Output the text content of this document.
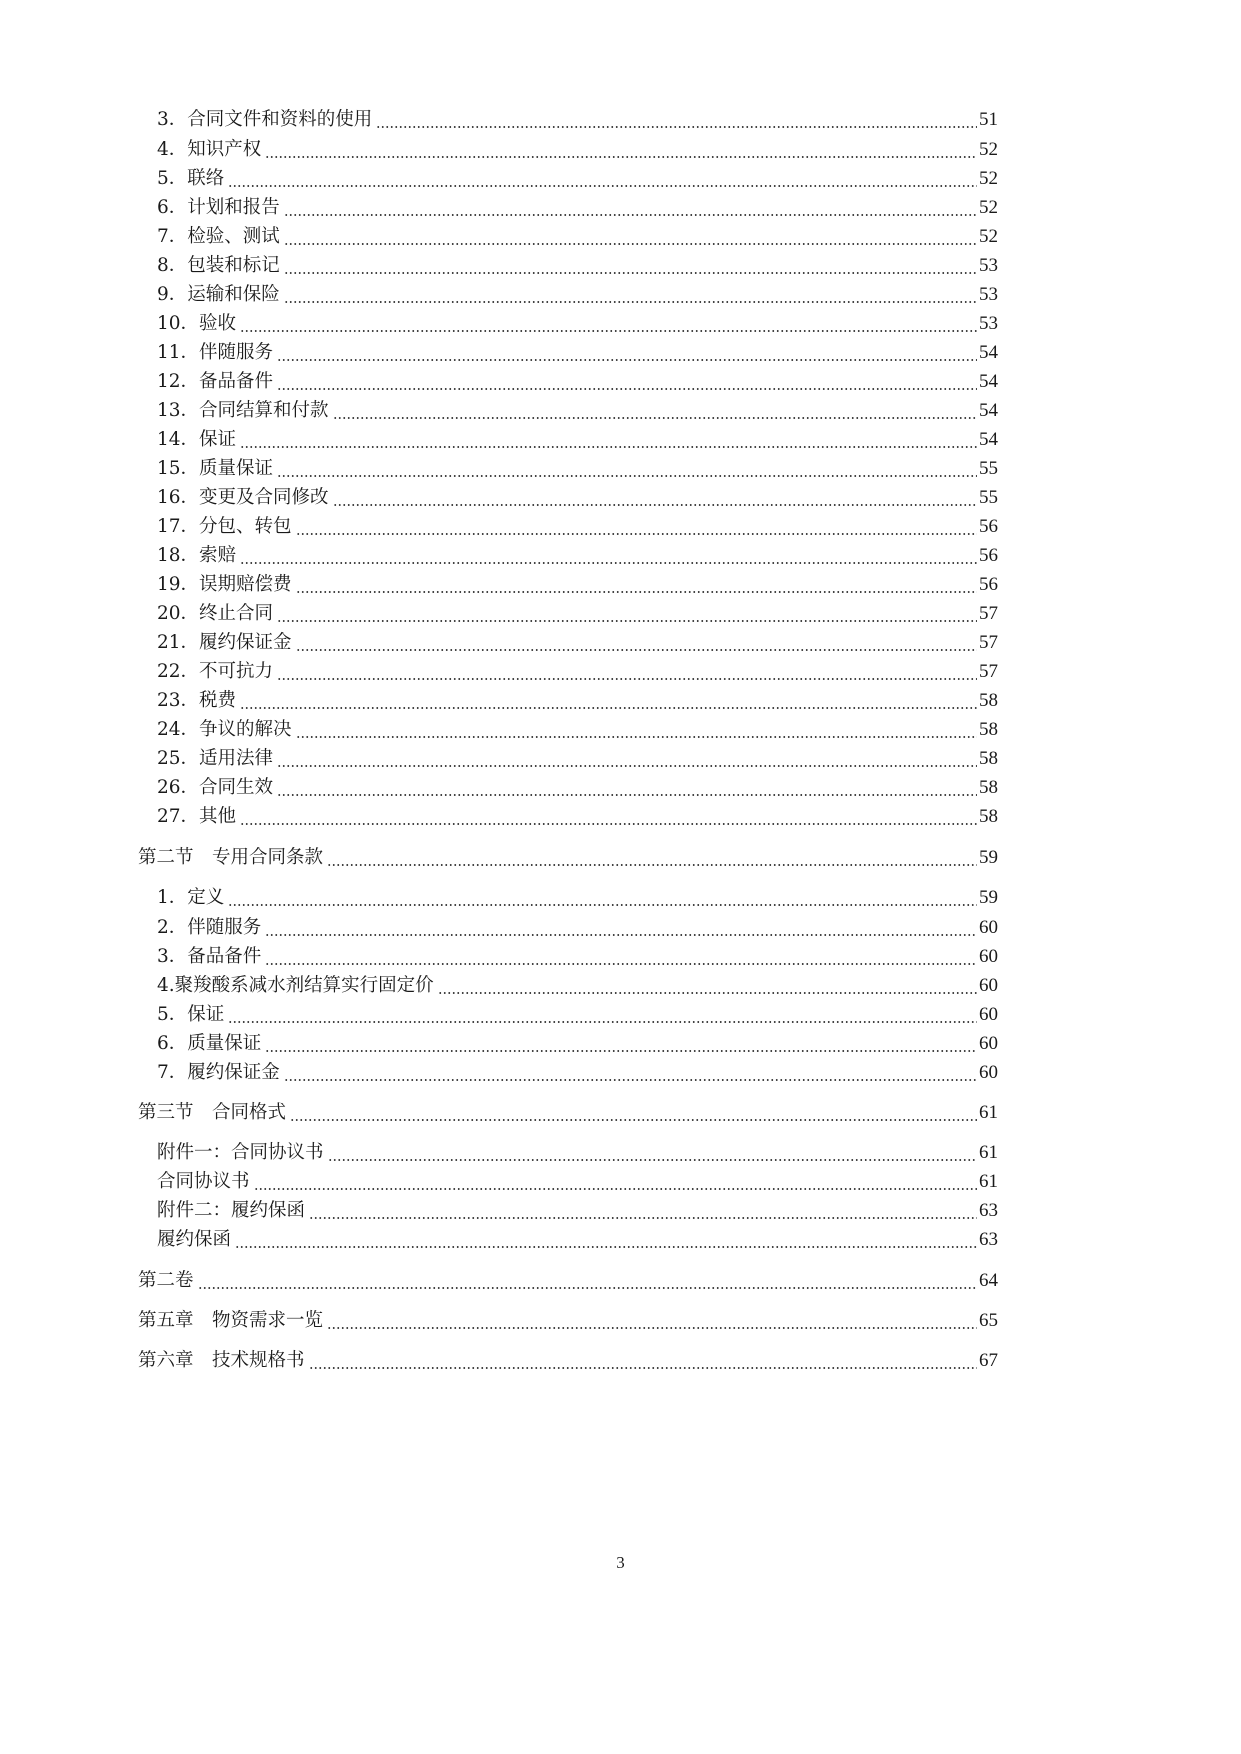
3．合同文件和资料的使用	51
4．知识产权	52
5．联络	52
6．计划和报告	52
7．检验、测试	52
8．包装和标记	53
9．运输和保险	53
10．验收	53
11．伴随服务	54
12．备品备件	54
13．合同结算和付款	54
14．保证	54
15．质量保证	55
16．变更及合同修改	55
17．分包、转包	56
18．索赔	56
19．误期赔偿费	56
20．终止合同	57
21．履约保证金	57
22．不可抗力	57
23．税费	58
24．争议的解决	58
25．适用法律	58
26．合同生效	58
27．其他	58
第二节　专用合同条款	59
1．定义	59
2．伴随服务	60
3．备品备件	60
4.聚羧酸系减水剂结算实行固定价	60
5．保证	60
6．质量保证	60
7．履约保证金	60
第三节　合同格式	61
附件一：合同协议书	61
合同协议书	61
附件二：履约保函	63
履约保函	63
第二卷	64
第五章　物资需求一览	65
第六章　技术规格书	67
3
